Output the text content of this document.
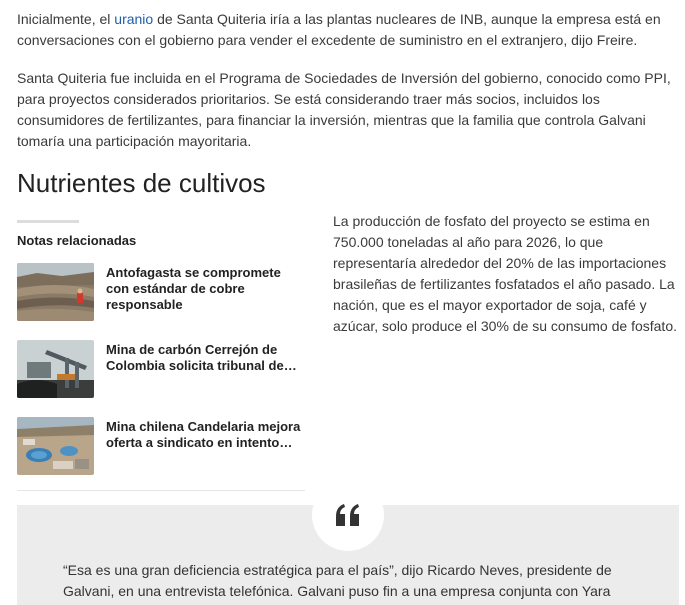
Inicialmente, el uranio de Santa Quiteria iría a las plantas nucleares de INB, aunque la empresa está en conversaciones con el gobierno para vender el excedente de suministro en el extranjero, dijo Freire.

Santa Quiteria fue incluida en el Programa de Sociedades de Inversión del gobierno, conocido como PPI, para proyectos considerados prioritarios. Se está considerando traer más socios, incluidos los consumidores de fertilizantes, para financiar la inversión, mientras que la familia que controla Galvani tomaría una participación mayoritaria.

Nutrientes de cultivos
Notas relacionadas
Antofagasta se compromete con estándar de cobre responsable
Mina de carbón Cerrejón de Colombia solicita tribunal de…
Mina chilena Candelaria mejora oferta a sindicato en intento…

La producción de fosfato del proyecto se estima en 750.000 toneladas al año para 2026, lo que representaría alrededor del 20% de las importaciones brasileñas de fertilizantes fosfatados el año pasado. La nación, que es el mayor exportador de soja, café y azúcar, solo produce el 30% de su consumo de fosfato.

“Esa es una gran deficiencia estratégica para el país”, dijo Ricardo Neves, presidente de Galvani, en una entrevista telefónica. Galvani puso fin a una empresa conjunta con Yara
